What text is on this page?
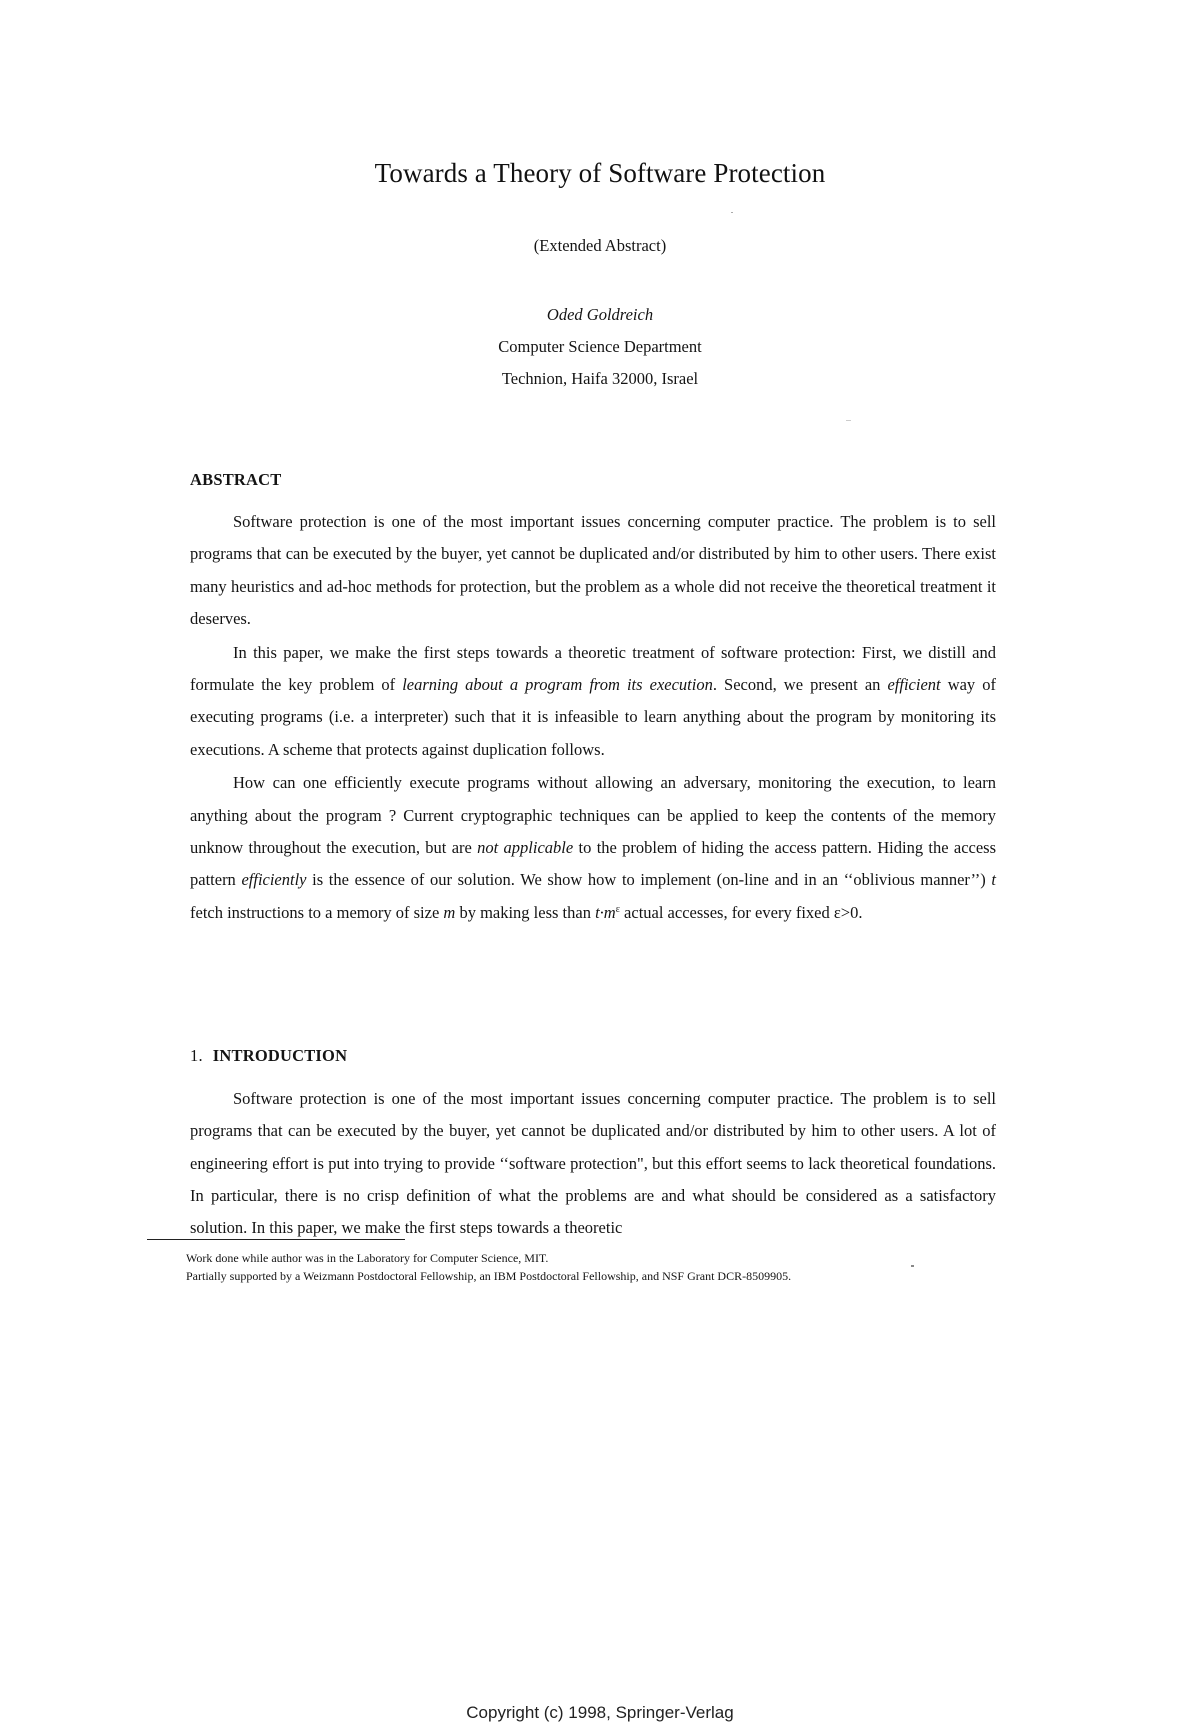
Towards a Theory of Software Protection
(Extended Abstract)
Oded Goldreich
Computer Science Department
Technion, Haifa 32000, Israel
ABSTRACT

Software protection is one of the most important issues concerning computer practice. The problem is to sell programs that can be executed by the buyer, yet cannot be duplicated and/or distributed by him to other users. There exist many heuristics and ad-hoc methods for protection, but the problem as a whole did not receive the theoretical treatment it deserves.

In this paper, we make the first steps towards a theoretic treatment of software protection: First, we distill and formulate the key problem of learning about a program from its execution. Second, we present an efficient way of executing programs (i.e. a interpreter) such that it is infeasible to learn anything about the program by monitoring its executions. A scheme that protects against duplication follows.

How can one efficiently execute programs without allowing an adversary, monitoring the execution, to learn anything about the program ? Current cryptographic techniques can be applied to keep the contents of the memory unknow throughout the execution, but are not applicable to the problem of hiding the access pattern. Hiding the access pattern efficiently is the essence of our solution. We show how to implement (on-line and in an ‘‘oblivious manner’’) t fetch instructions to a memory of size m by making less than $t\cdot m^\varepsilon$ actual accesses, for every fixed ε>0.

1. INTRODUCTION

Software protection is one of the most important issues concerning computer practice. The problem is to sell programs that can be executed by the buyer, yet cannot be duplicated and/or distributed by him to other users. A lot of engineering effort is put into trying to provide ‘‘software protection", but this effort seems to lack theoretical foundations. In particular, there is no crisp definition of what the problems are and what should be considered as a satisfactory solution. In this paper, we make the first steps towards a theoretic

Work done while author was in the Laboratory for Computer Science, MIT.
Partially supported by a Weizmann Postdoctoral Fellowship, an IBM Postdoctoral Fellowship, and NSF Grant DCR-8509905.
Copyright (c) 1998, Springer-Verlag
